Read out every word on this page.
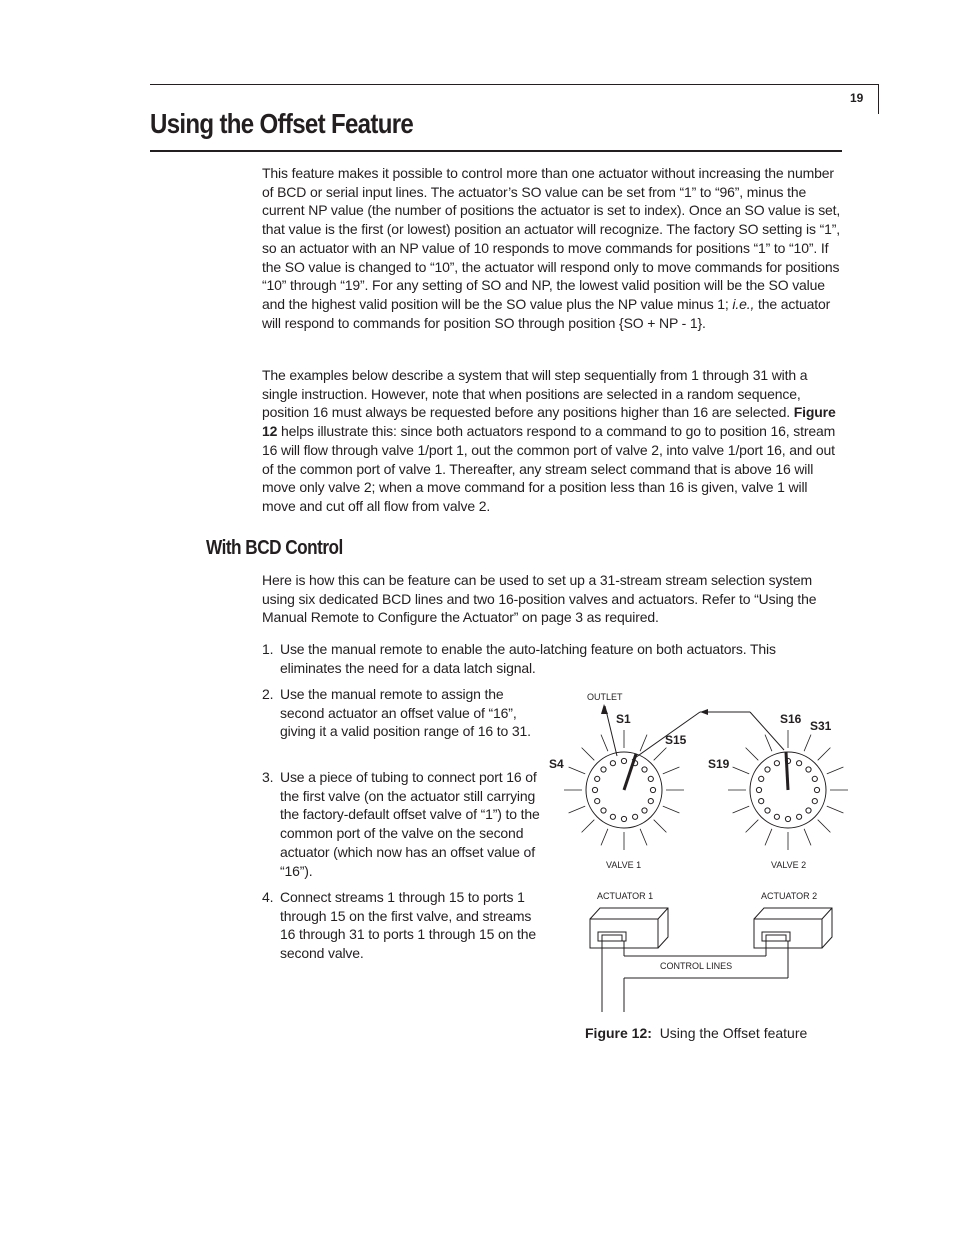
19
Using the Offset Feature

This feature makes it possible to control more than one actuator without increasing the number of BCD or serial input lines. The actuator’s SO value can be set from “1” to “96”, minus the current NP value (the number of positions the actuator is set to index). Once an SO value is set, that value is the first (or lowest) position an actuator will recognize. The factory SO setting is “1”, so an actuator with an NP value of 10 responds to move commands for positions “1” to “10”. If the SO value is changed to “10”, the actuator will respond only to move commands for positions “10” through “19”. For any setting of SO and NP, the lowest valid position will be the SO value and the highest valid position will be the SO value plus the NP value minus 1; i.e., the actuator will respond to commands for position SO through position {SO + NP - 1}.

The examples below describe a system that will step sequentially from 1 through 31 with a single instruction. However, note that when positions are selected in a random sequence, position 16 must always be requested before any positions higher than 16 are selected. Figure 12 helps illustrate this: since both actuators respond to a command to go to position 16, stream 16 will flow through valve 1/port 1, out the common port of valve 2, into valve 1/port 16, and out of the common port of valve 1. Thereafter, any stream select command that is above 16 will move only valve 2; when a move command for a position less than 16 is given, valve 1 will move and cut off all flow from valve 2.

With BCD Control

Here is how this can be feature can be used to set up a 31-stream stream selection system using six dedicated BCD lines and two 16-position valves and actuators. Refer to “Using the Manual Remote to Configure the Actuator” on page 3 as required.

1. Use the manual remote to enable the auto-latching feature on both actuators. This eliminates the need for a data latch signal.
2. Use the manual remote to assign the second actuator an offset value of “16”, giving it a valid position range of 16 to 31.
3. Use a piece of tubing to connect port 16 of the first valve (on the actuator still carrying the factory-default offset valve of “1”) to the common port of the valve on the second actuator (which now has an offset value of “16”).
4. Connect streams 1 through 15 to ports 1 through 15 on the first valve, and streams 16 through 31 to ports 1 through 15 on the second valve.
OUTLET
S1
S15
S4
S16 S31
S19
VALVE 1	VALVE 2
ACTUATOR 1	ACTUATOR 2
CONTROL LINES
Figure 12: Using the Offset feature
